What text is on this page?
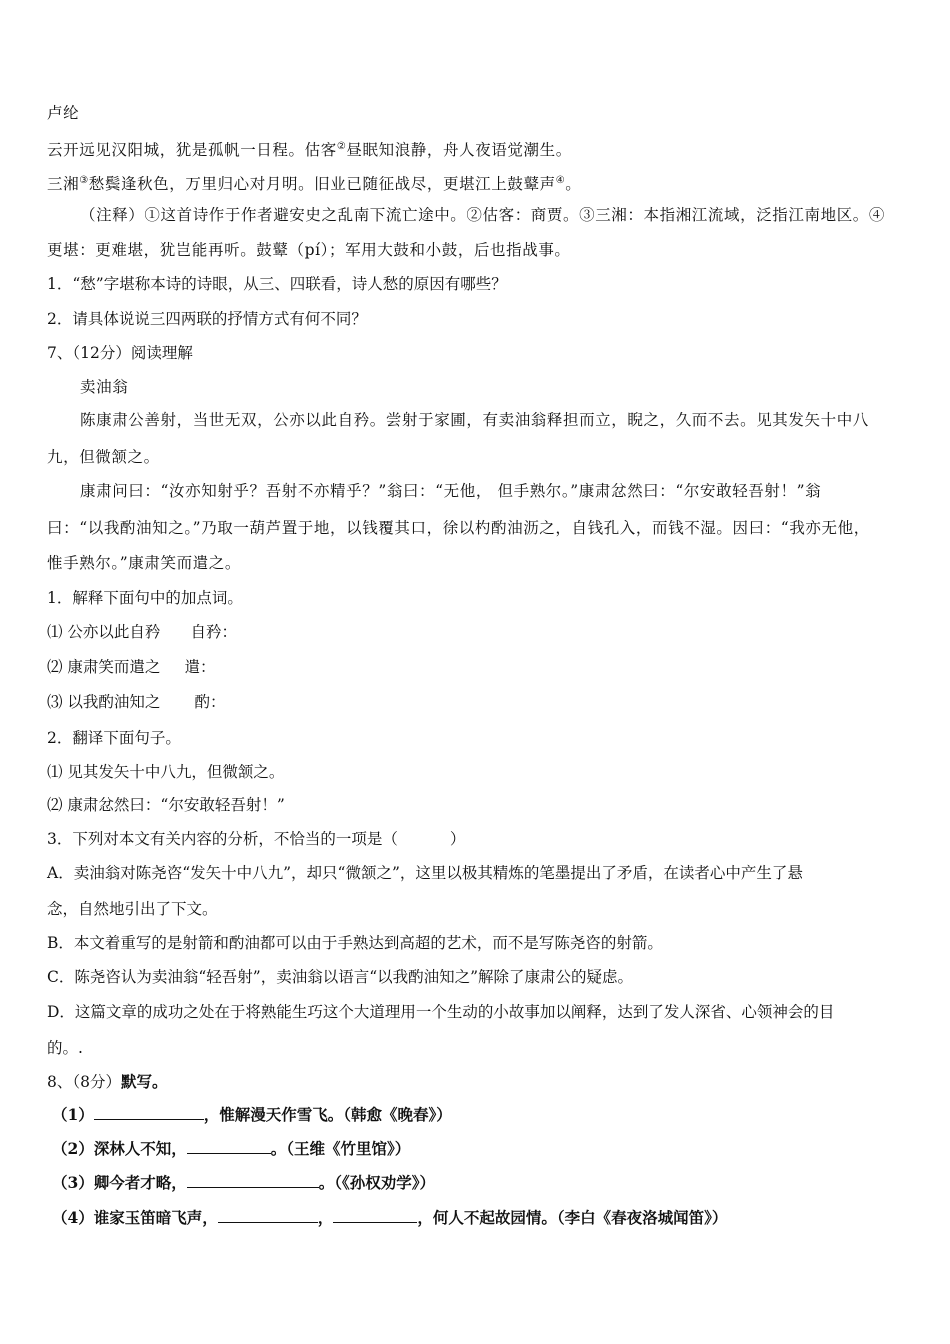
卢纶
云开远见汉阳城，犹是孤帆一日程。估客②昼眠知浪静，舟人夜语觉潮生。
三湘③愁鬓逢秋色，万里归心对月明。旧业已随征战尽，更堪江上鼓鼙声④。
（注释）①这首诗作于作者避安史之乱南下流亡途中。②估客：商贾。③三湘：本指湘江流域，泛指江南地区。④
更堪：更难堪，犹岂能再听。鼓鼙（pí）；军用大鼓和小鼓，后也指战事。
1．“愁”字堪称本诗的诗眼，从三、四联看，诗人愁的原因有哪些？
2．请具体说说三四两联的抒情方式有何不同？
7、（12分）阅读理解
卖油翁
陈康肃公善射，当世无双，公亦以此自矜。尝射于家圃，有卖油翁释担而立，睨之，久而不去。见其发矢十中八
九，但微颔之。
康肃问曰：“汝亦知射乎？吾射不亦精乎？”翁曰：“无他， 但手熟尔。”康肃忿然曰：“尔安敢轻吾射！”翁
曰：“以我酌油知之。”乃取一葫芦置于地，以钱覆其口，徐以杓酌油沥之，自钱孔入，而钱不湿。因曰：“我亦无他，
惟手熟尔。”康肃笑而遣之。
1．解释下面句中的加点词。
⑴ 公亦以此自矜 自矜：
⑵ 康肃笑而遣之 遣：
⑶ 以我酌油知之 酌：
2．翻译下面句子。
⑴ 见其发矢十中八九，但微颔之。
⑵ 康肃忿然曰：“尔安敢轻吾射！”
3．下列对本文有关内容的分析，不恰当的一项是（	）
A．卖油翁对陈尧咨“发矢十中八九”，却只“微颔之”，这里以极其精炼的笔墨提出了矛盾，在读者心中产生了悬
念，自然地引出了下文。
B．本文着重写的是射箭和酌油都可以由于手熟达到高超的艺术，而不是写陈尧咨的射箭。
C．陈尧咨认为卖油翁“轻吾射”，卖油翁以语言“以我酌油知之”解除了康肃公的疑虑。
D．这篇文章的成功之处在于将熟能生巧这个大道理用一个生动的小故事加以阐释，达到了发人深省、心领神会的目
的。.
8、（8分）默写。
（1）	，惟解漫天作雪飞。（韩愈《晚春》）
（2）深林人不知，	。（王维《竹里馆》）
（3）卿今者才略，	。（《孙权劝学》）
（4）谁家玉笛暗飞声，	，	，何人不起故园情。（李白《春夜洛城闻笛》）
